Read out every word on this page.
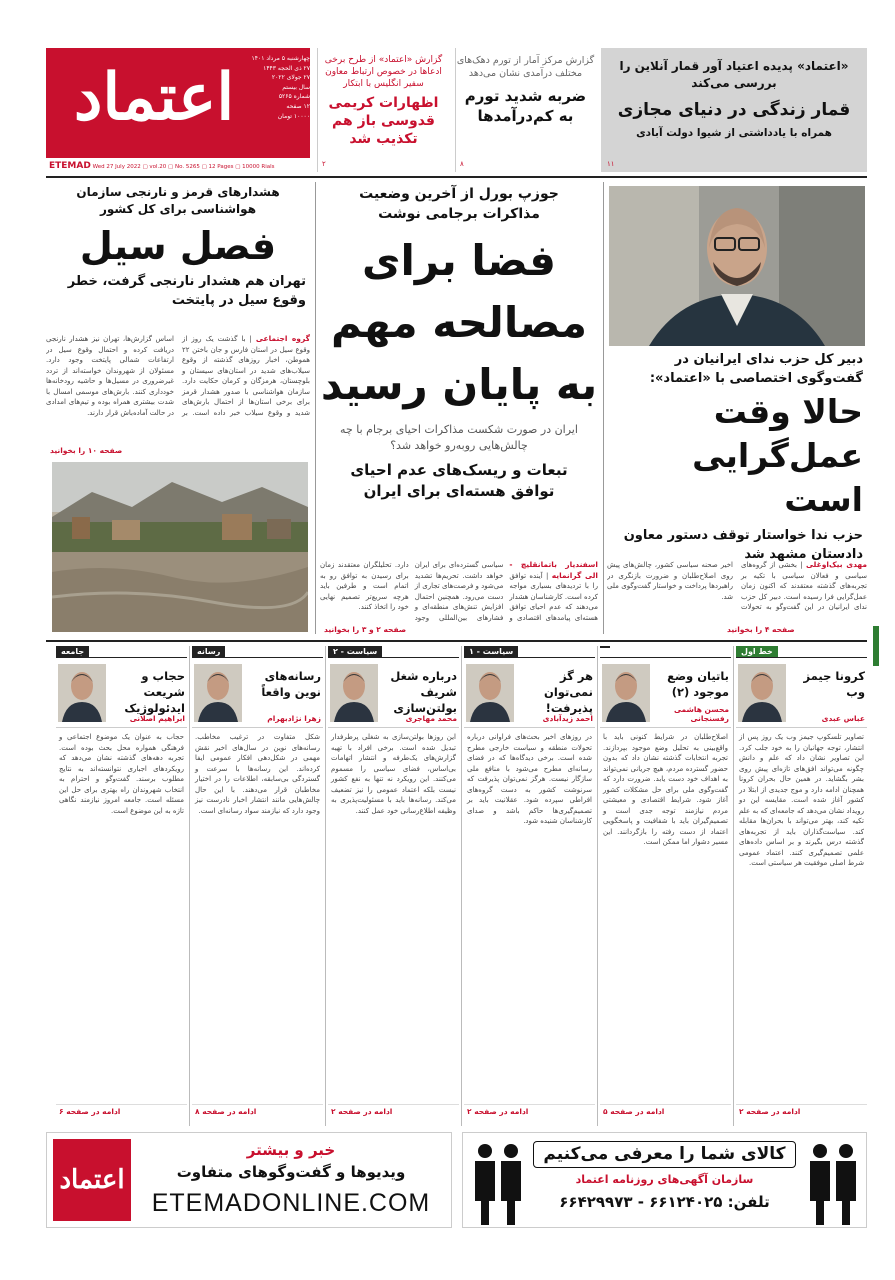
اعتماد
چهارشنبه ۵ مرداد ۱۴۰۱
۲۷ ذی الحجه ۱۴۴۳
۲۷ جولای ۲۰۲۲
سال بیستم
شماره ۵۲۶۵
۱۲ صفحه
۱۰۰۰۰ تومان
ETEMAD Wed 27 July 2022 ▢ vol.20 ▢ No. 5265 ▢ 12 Pages ▢ 10000 Rials
گزارش «اعتماد» از طرح برخی ادعاها در خصوص ارتباط معاون سفیر انگلیس با ابتکار
اظهارات کریمی قدوسی باز هم تکذیب شد
۲
گزارش مرکز آمار از تورم دهک‌های مختلف درآمدی نشان می‌دهد
ضربه شدید تورم به کم‌درآمدها
۸
«اعتماد» پدیده اعتیاد آور قمار آنلاین را بررسی می‌کند
قمار زندگی در دنیای مجازی
همراه با یادداشتی از شیوا دولت آبادی
۱۱
هشدارهای قرمز و نارنجی سازمان هواشناسی برای کل کشور
فصل سیل
تهران هم هشدار نارنجی گرفت، خطر وقوع سیل در پایتخت
گروه اجتماعی | با گذشت یک روز از وقوع سیل در استان فارس و جان باختن ۲۲ هموطن، اخبار روزهای گذشته از وقوع سیلاب‌های شدید در استان‌های سیستان و بلوچستان، هرمزگان و کرمان حکایت دارد. سازمان هواشناسی با صدور هشدار قرمز برای برخی استان‌ها از احتمال بارش‌های شدید و وقوع سیلاب خبر داده است. بر اساس گزارش‌ها، تهران نیز هشدار نارنجی دریافت کرده و احتمال وقوع سیل در ارتفاعات شمالی پایتخت وجود دارد. مسئولان از شهروندان خواسته‌اند از تردد غیرضروری در مسیل‌ها و حاشیه رودخانه‌ها خودداری کنند. بارش‌های موسمی امسال با شدت بیشتری همراه بوده و تیم‌های امدادی در حالت آماده‌باش قرار دارند.
صفحه ۱۰ را بخوانید
جوزپ بورل از آخرین وضعیت مذاکرات برجامی نوشت
فضا برای
مصالحه مهم
به پایان رسید
ایران در صورت شکست مذاکرات احیای برجام با چه چالش‌هایی روبه‌رو خواهد شد؟
تبعات و ریسک‌های عدم احیای توافق هسته‌ای برای ایران
اسفندیار باتمانقلیچ - الی گرانمایه | آینده توافق را با تردید‌های بسیاری مواجه کرده است. کارشناسان هشدار می‌دهند که عدم احیای توافق هسته‌ای پیامدهای اقتصادی و سیاسی گسترده‌ای برای ایران خواهد داشت. تحریم‌ها تشدید می‌شود و فرصت‌های تجاری از دست می‌رود. همچنین احتمال افزایش تنش‌های منطقه‌ای و فشارهای بین‌المللی وجود دارد. تحلیلگران معتقدند زمان برای رسیدن به توافق رو به اتمام است و طرفین باید هرچه سریع‌تر تصمیم نهایی خود را اتخاذ کنند.
صفحه ۲ و ۳ را بخوانید
دبیر کل حزب ندای ایرانیان در گفت‌وگوی اختصاصی با «اعتماد»:
حالا وقت
عمل‌گرایی است
حزب ندا خواستار توقف دستور معاون دادستان مشهد شد
مهدی بیک‌اوغلی | بخشی از گروه‌های سیاسی و فعالان سیاسی با تکیه بر تجربه‌های گذشته معتقدند که اکنون زمان عمل‌گرایی فرا رسیده است. دبیر کل حزب ندای ایرانیان در این گفت‌وگو به تحولات اخیر صحنه سیاسی کشور، چالش‌های پیش روی اصلاح‌طلبان و ضرورت بازنگری در راهبردها پرداخت و خواستار گفت‌وگوی ملی شد.
صفحه ۴ را بخوانید
خط اول
کرونا جیمز وب
عباس عبدی
تصاویر تلسکوپ جیمز وب یک روز پس از انتشار، توجه جهانیان را به خود جلب کرد. این تصاویر نشان داد که علم و دانش چگونه می‌تواند افق‌های تازه‌ای پیش روی بشر بگشاید. در همین حال بحران کرونا همچنان ادامه دارد و موج جدیدی از ابتلا در کشور آغاز شده است. مقایسه این دو رویداد نشان می‌دهد که جامعه‌ای که به علم تکیه کند، بهتر می‌تواند با بحران‌ها مقابله کند. سیاست‌گذاران باید از تجربه‌های گذشته درس بگیرند و بر اساس داده‌های علمی تصمیم‌گیری کنند. اعتماد عمومی شرط اصلی موفقیت هر سیاستی است.
ادامه در صفحه ۲
باتیان وضع موجود (۲)
محسن هاشمی رفسنجانی
اصلاح‌طلبان در شرایط کنونی باید با واقع‌بینی به تحلیل وضع موجود بپردازند. تجربه انتخابات گذشته نشان داد که بدون حضور گسترده مردم، هیچ جریانی نمی‌تواند به اهداف خود دست یابد. ضرورت دارد که گفت‌وگوی ملی برای حل مشکلات کشور آغاز شود. شرایط اقتصادی و معیشتی مردم نیازمند توجه جدی است و تصمیم‌گیران باید با شفافیت و پاسخگویی اعتماد از دست رفته را بازگردانند. این مسیر دشوار اما ممکن است.
ادامه در صفحه ۵
سیاست - ۱
هر گز نمی‌توان پذیرفت!
احمد زیدآبادی
در روزهای اخیر بحث‌های فراوانی درباره تحولات منطقه و سیاست خارجی مطرح شده است. برخی دیدگاه‌ها که در فضای رسانه‌ای مطرح می‌شود با منافع ملی سازگار نیست. هرگز نمی‌توان پذیرفت که سرنوشت کشور به دست گروه‌های افراطی سپرده شود. عقلانیت باید بر تصمیم‌گیری‌ها حاکم باشد و صدای کارشناسان شنیده شود.
ادامه در صفحه ۲
سیاست - ۲
درباره شغل شریف بولتن‌سازی
محمد مهاجری
این روزها بولتن‌سازی به شغلی پرطرفدار تبدیل شده است. برخی افراد با تهیه گزارش‌های یک‌طرفه و انتشار اتهامات بی‌اساس، فضای سیاسی را مسموم می‌کنند. این رویکرد نه تنها به نفع کشور نیست بلکه اعتماد عمومی را نیز تضعیف می‌کند. رسانه‌ها باید با مسئولیت‌پذیری به وظیفه اطلاع‌رسانی خود عمل کنند.
ادامه در صفحه ۲
رسانه
رسانه‌های نوین واقعاً
زهرا نژادبهرام
شکل متفاوت در ترغیب مخاطب. رسانه‌های نوین در سال‌های اخیر نقش مهمی در شکل‌دهی افکار عمومی ایفا کرده‌اند. این رسانه‌ها با سرعت و گستردگی بی‌سابقه، اطلاعات را در اختیار مخاطبان قرار می‌دهند. با این حال چالش‌هایی مانند انتشار اخبار نادرست نیز وجود دارد که نیازمند سواد رسانه‌ای است.
ادامه در صفحه ۸
جامعه
حجاب و شریعت ایدئولوژیک
ابراهیم اصلانی
حجاب به عنوان یک موضوع اجتماعی و فرهنگی همواره محل بحث بوده است. تجربه دهه‌های گذشته نشان می‌دهد که رویکردهای اجباری نتوانسته‌اند به نتایج مطلوب برسند. گفت‌وگو و احترام به انتخاب شهروندان راه بهتری برای حل این مسئله است. جامعه امروز نیازمند نگاهی تازه به این موضوع است.
ادامه در صفحه ۶
اعتماد
خبر و بیشتر
ویدیوها و گفت‌وگوهای متفاوت
ETEMADONLINE.COM
کالای شما را معرفی می‌کنیم
سازمان آگهی‌های روزنامه اعتماد
تلفن: ۶۶۱۲۴۰۲۵ - ۶۶۴۲۹۹۷۳
